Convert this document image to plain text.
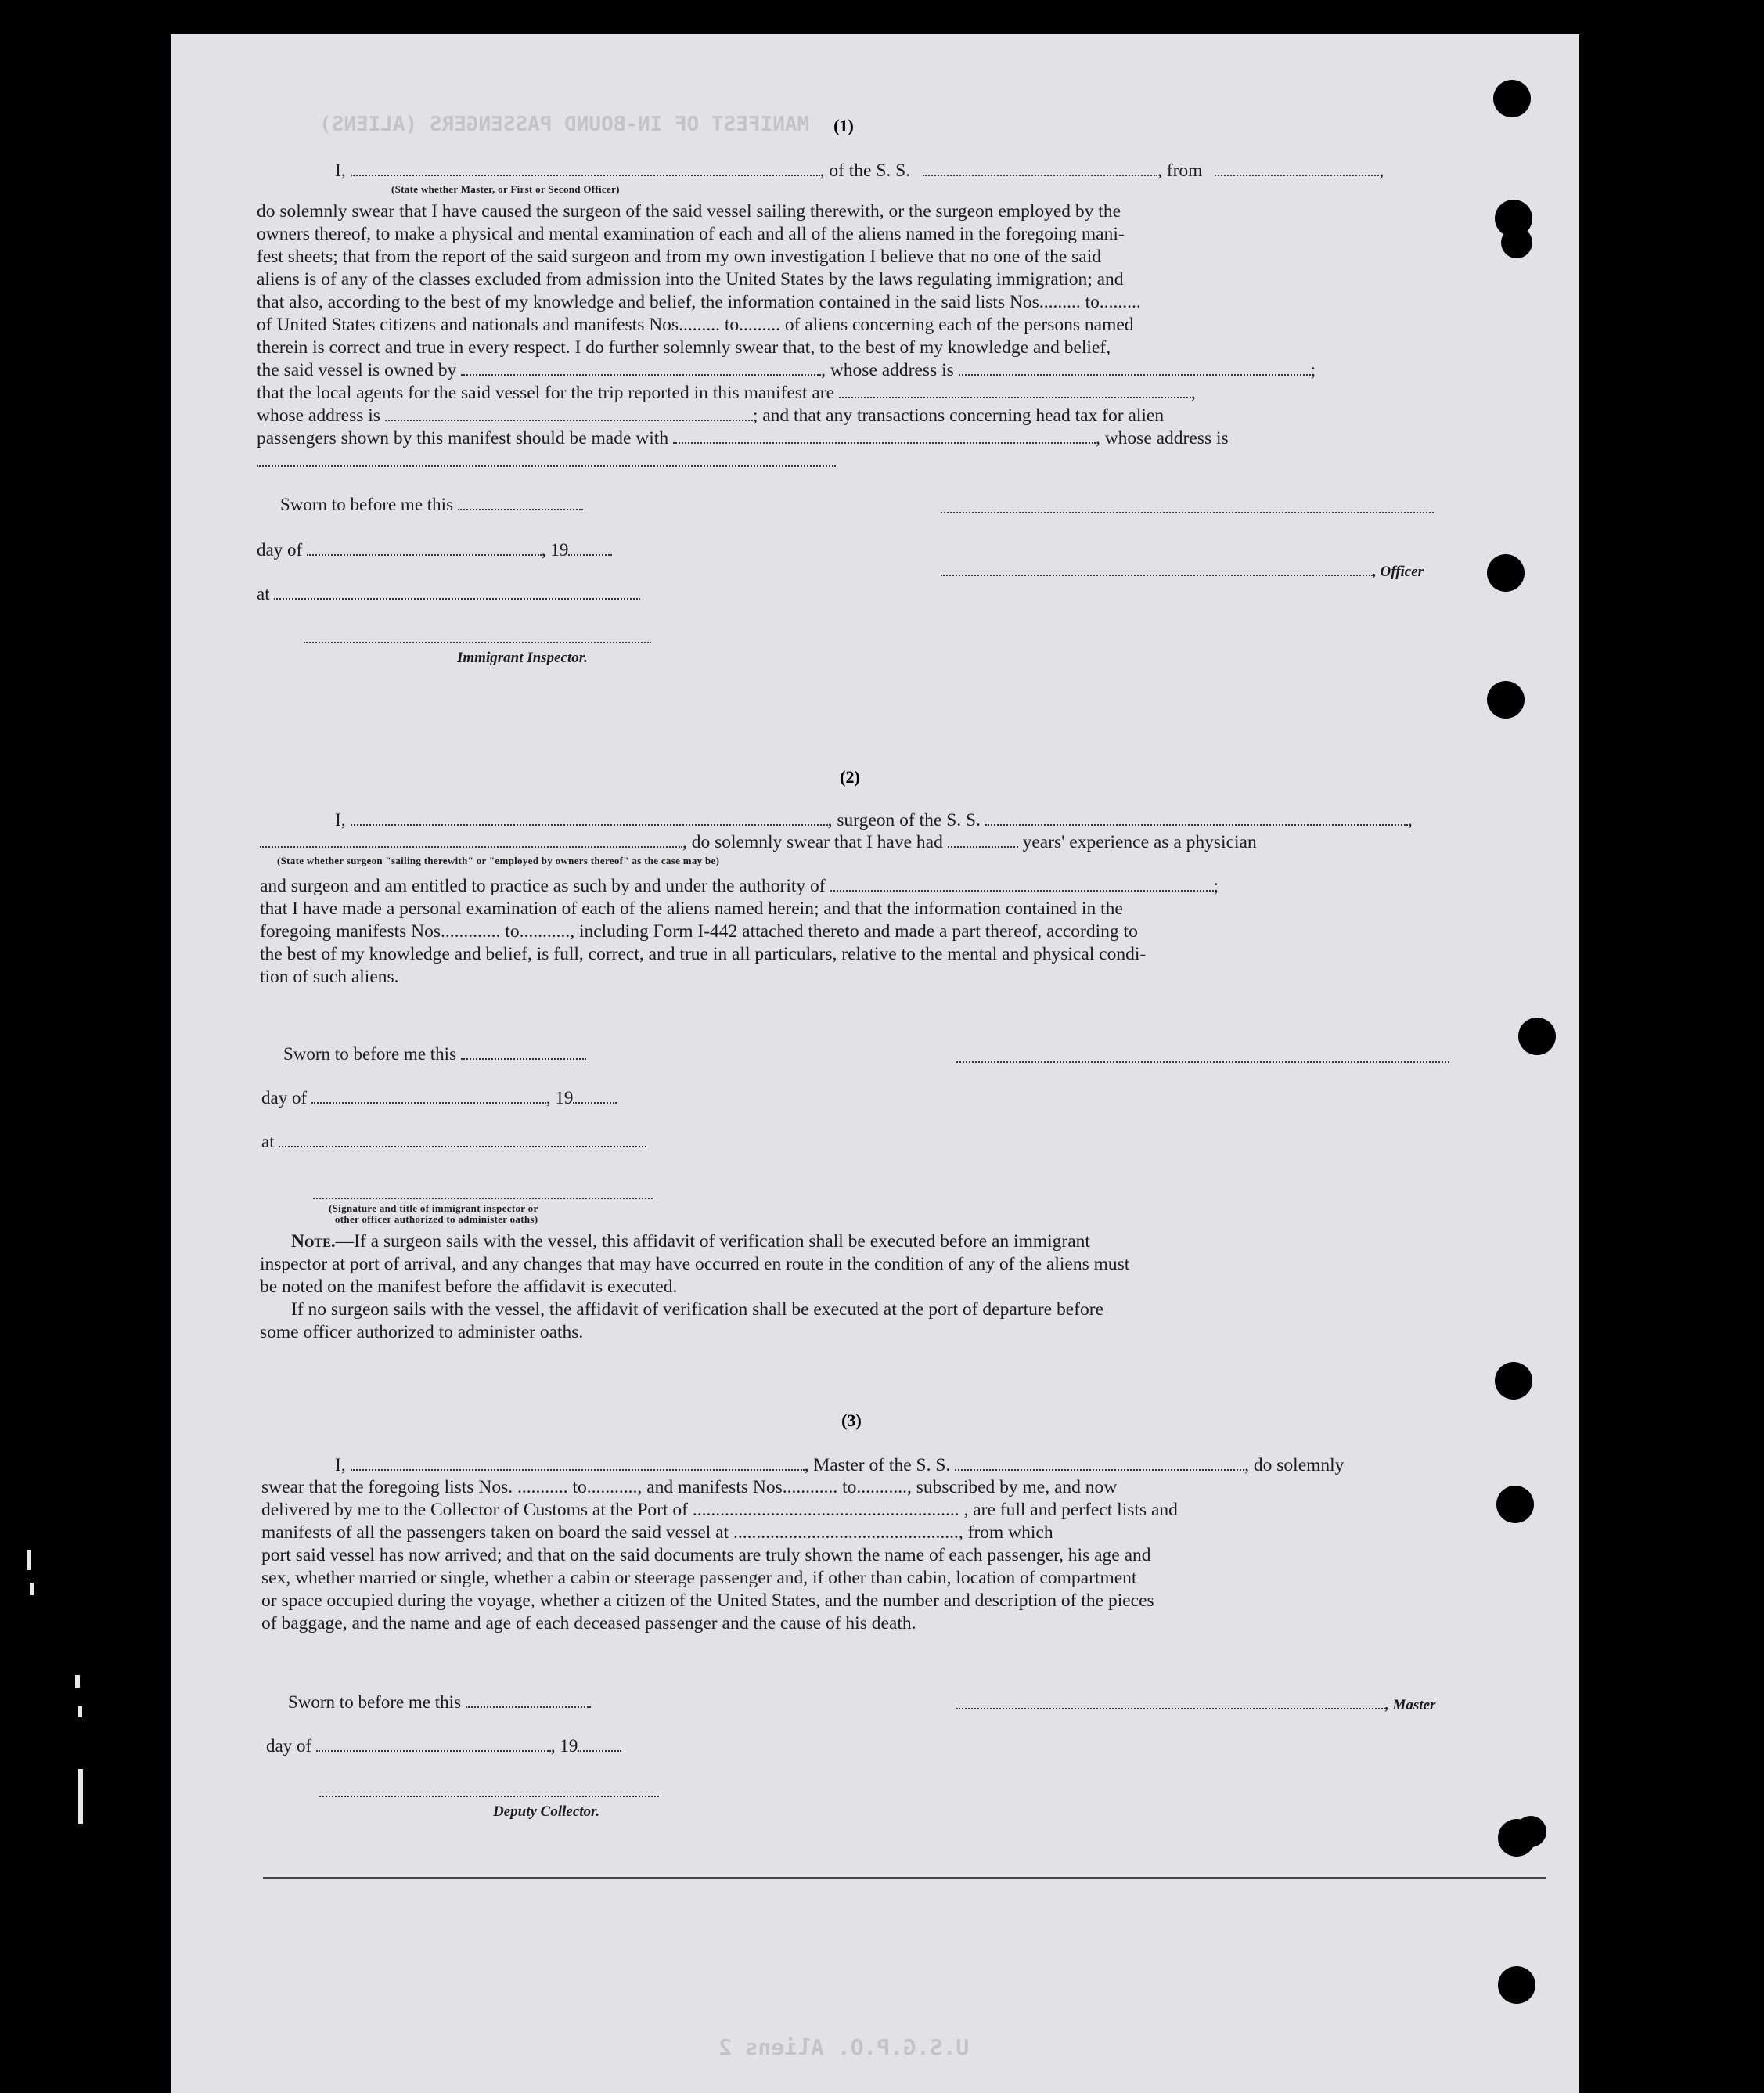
MANIFEST OF IN-BOUND PASSENGERS (ALIENS)	(1)
I,	, of the S. S.	, from	,
(State whether Master, or First or Second Officer)

do solemnly swear that I have caused the surgeon of the said vessel sailing therewith, or the surgeon employed by the

owners thereof, to make a physical and mental examination of each and all of the aliens named in the foregoing mani-

fest sheets; that from the report of the said surgeon and from my own investigation I believe that no one of the said

aliens is of any of the classes excluded from admission into the United States by the laws regulating immigration; and

that also, according to the best of my knowledge and belief, the information contained in the said lists Nos......... to.........

of United States citizens and nationals and manifests Nos......... to......... of aliens concerning each of the persons named

therein is correct and true in every respect. I do further solemnly swear that, to the best of my knowledge and belief,

the said vessel is owned by	, whose address is	;

that the local agents for the said vessel for the trip reported in this manifest are	,

whose address is	; and that any transactions concerning head tax for alien

passengers shown by this manifest should be made with	, whose address is

Sworn to before me this
day of	, 19
at
Immigrant Inspector.
, Officer
(2)
I,	, surgeon of the S. S.	,
, do solemnly swear that I have had	years' experience as a physician
(State whether surgeon "sailing therewith" or "employed by owners thereof" as the case may be)

and surgeon and am entitled to practice as such by and under the authority of	;

that I have made a personal examination of each of the aliens named herein; and that the information contained in the

foregoing manifests Nos............. to..........., including Form I-442 attached thereto and made a part thereof, according to

the best of my knowledge and belief, is full, correct, and true in all particulars, relative to the mental and physical condi-

tion of such aliens.

Sworn to before me this
day of	, 19
at
(Signature and title of immigrant inspector or
other officer authorized to administer oaths)

Note.—If a surgeon sails with the vessel, this affidavit of verification shall be executed before an immigrant

inspector at port of arrival, and any changes that may have occurred en route in the condition of any of the aliens must

be noted on the manifest before the affidavit is executed.

If no surgeon sails with the vessel, the affidavit of verification shall be executed at the port of departure before

some officer authorized to administer oaths.

(3)
I,	, Master of the S. S.	, do solemnly

swear that the foregoing lists Nos. ........... to..........., and manifests Nos............ to..........., subscribed by me, and now

delivered by me to the Collector of Customs at the Port of .......................................................... , are full and perfect lists and

manifests of all the passengers taken on board the said vessel at ................................................., from which

port said vessel has now arrived; and that on the said documents are truly shown the name of each passenger, his age and

sex, whether married or single, whether a cabin or steerage passenger and, if other than cabin, location of compartment

or space occupied during the voyage, whether a citizen of the United States, and the number and description of the pieces

of baggage, and the name and age of each deceased passenger and the cause of his death.

Sworn to before me this	, Master
day of	, 19
Deputy Collector.
U.S.G.P.O. Aliens 2
